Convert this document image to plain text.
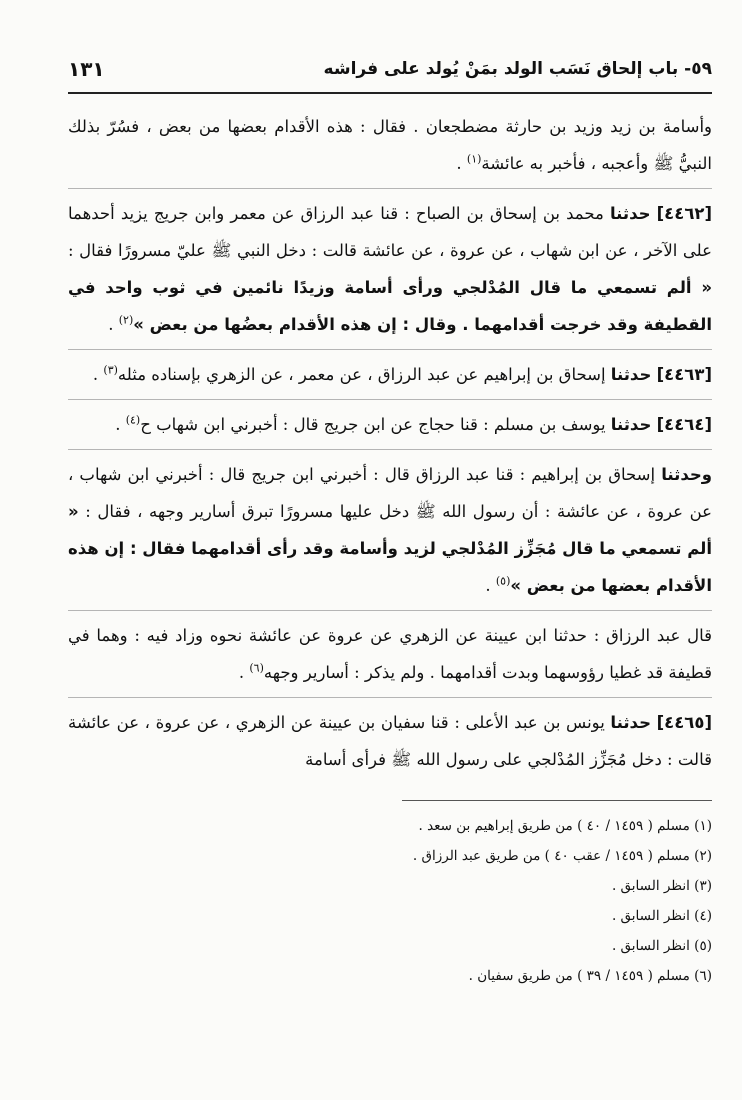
٥٩- باب إلحاق نَسَب الولد بمَنْ يُولد على فراشه
١٣١

وأسامة بن زيد وزيد بن حارثة مضطجعان . فقال : هذه الأقدام بعضها من بعض ، فسُرّ بذلك النبيُّ ﷺ وأعجبه ، فأخبر به عائشة$^{(١)}$ .

[٤٤٦٢] حدثنا محمد بن إسحاق بن الصباح : قنا عبد الرزاق عن معمر وابن جريج يزيد أحدهما على الآخر ، عن ابن شهاب ، عن عروة ، عن عائشة قالت : دخل النبي ﷺ عليّ مسرورًا فقال : « ألم تسمعي ما قال المُدْلجي ورأى أسامة وزيدًا نائمين في ثوب واحد في القطيفة وقد خرجت أقدامهما . وقال : إن هذه الأقدام بعضُها من بعض »$^{(٢)}$ .

[٤٤٦٣] حدثنا إسحاق بن إبراهيم عن عبد الرزاق ، عن معمر ، عن الزهري بإسناده مثله$^{(٣)}$ .

[٤٤٦٤] حدثنا يوسف بن مسلم : قنا حجاج عن ابن جريج قال : أخبرني ابن شهاب ح$^{(٤)}$ .

وحدثنا إسحاق بن إبراهيم : قنا عبد الرزاق قال : أخبرني ابن جريج قال : أخبرني ابن شهاب ، عن عروة ، عن عائشة : أن رسول الله ﷺ دخل عليها مسرورًا تبرق أسارير وجهه ، فقال : « ألم تسمعي ما قال مُجَزِّز المُدْلجي لزيد وأسامة وقد رأى أقدامهما فقال : إن هذه الأقدام بعضها من بعض »$^{(٥)}$ .

قال عبد الرزاق : حدثنا ابن عيينة عن الزهري عن عروة عن عائشة نحوه وزاد فيه : وهما في قطيفة قد غطيا رؤوسهما وبدت أقدامهما . ولم يذكر : أسارير وجهه$^{(٦)}$ .

[٤٤٦٥] حدثنا يونس بن عبد الأعلى : قنا سفيان بن عيينة عن الزهري ، عن عروة ، عن عائشة قالت : دخل مُجَزِّز المُدْلجي على رسول الله ﷺ فرأى أسامة

(١) مسلم ( ١٤٥٩ / ٤٠ ) من طريق إبراهيم بن سعد .
(٢) مسلم ( ١٤٥٩ / عقب ٤٠ ) من طريق عبد الرزاق .
(٣) انظر السابق .
(٤) انظر السابق .
(٥) انظر السابق .
(٦) مسلم ( ١٤٥٩ / ٣٩ ) من طريق سفيان .
